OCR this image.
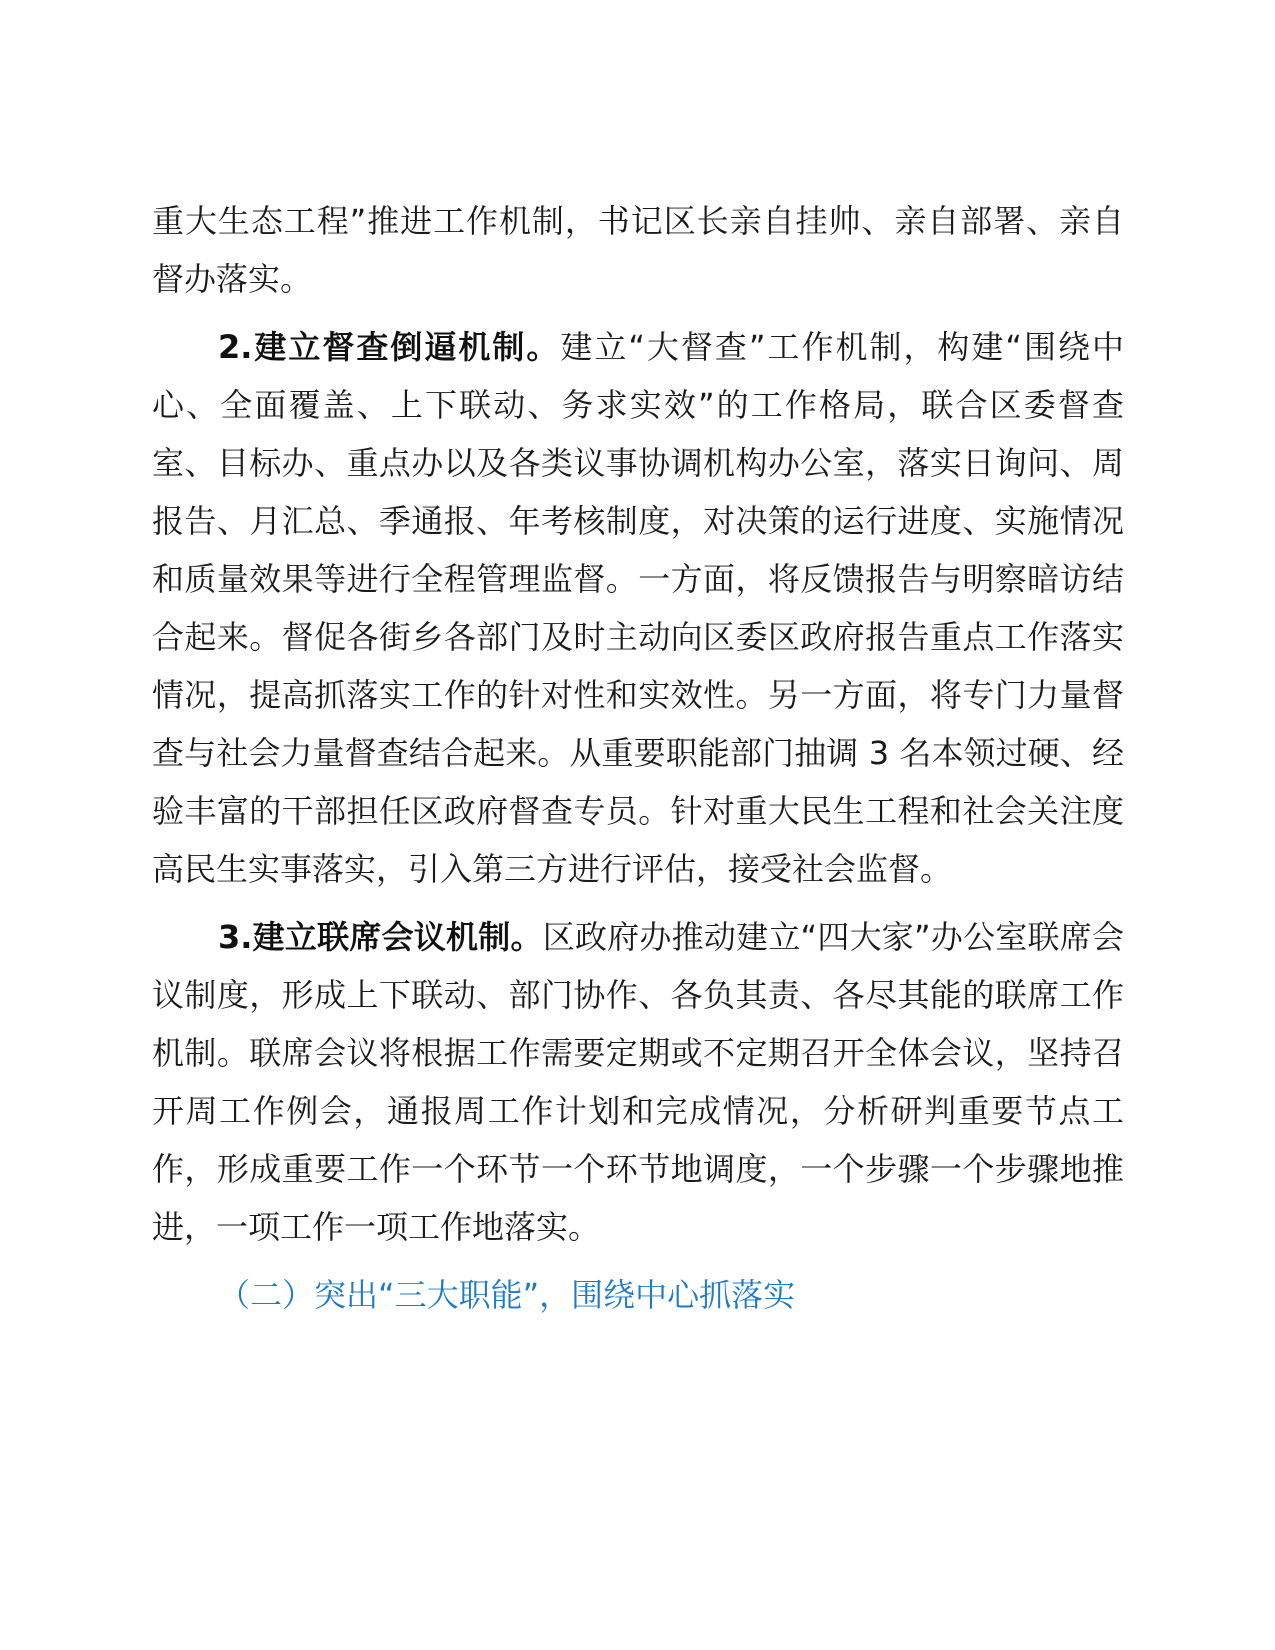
重大生态工程”推进工作机制，书记区长亲自挂帅、亲自部署、亲自督办落实。

2.建立督查倒逼机制。建立“大督查”工作机制，构建“围绕中心、全面覆盖、上下联动、务求实效”的工作格局，联合区委督查室、目标办、重点办以及各类议事协调机构办公室，落实日询问、周报告、月汇总、季通报、年考核制度，对决策的运行进度、实施情况和质量效果等进行全程管理监督。一方面，将反馈报告与明察暗访结合起来。督促各街乡各部门及时主动向区委区政府报告重点工作落实情况，提高抓落实工作的针对性和实效性。另一方面，将专门力量督查与社会力量督查结合起来。从重要职能部门抽调 3 名本领过硬、经验丰富的干部担任区政府督查专员。针对重大民生工程和社会关注度高民生实事落实，引入第三方进行评估，接受社会监督。

3.建立联席会议机制。区政府办推动建立“四大家”办公室联席会议制度，形成上下联动、部门协作、各负其责、各尽其能的联席工作机制。联席会议将根据工作需要定期或不定期召开全体会议，坚持召开周工作例会，通报周工作计划和完成情况，分析研判重要节点工作，形成重要工作一个环节一个环节地调度，一个步骤一个步骤地推进，一项工作一项工作地落实。

（二）突出“三大职能”，围绕中心抓落实
